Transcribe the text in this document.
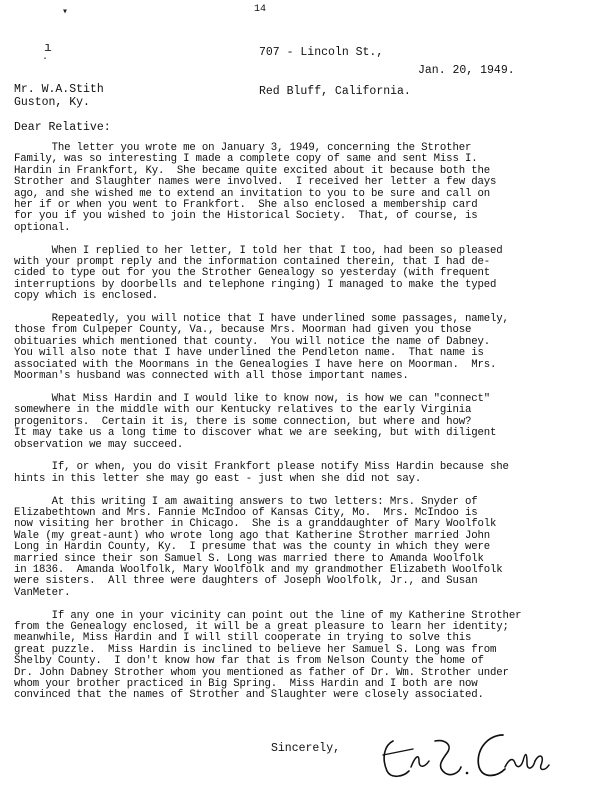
14
▾
ı
·

707 - Lincoln St.,

Red Bluff, California.

Jan. 20, 1949.
Mr. W.A.Stith
Guston, Ky.
Dear Relative:
The letter you wrote me on January 3, 1949, concerning the Strother
Family, was so interesting I made a complete copy of same and sent Miss I.
Hardin in Frankfort, Ky.  She became quite excited about it because both the
Strother and Slaughter names were involved.  I received her letter a few days
ago, and she wished me to extend an invitation to you to be sure and call on
her if or when you went to Frankfort.  She also enclosed a membership card
for you if you wished to join the Historical Society.  That, of course, is
optional.
When I replied to her letter, I told her that I too, had been so pleased
with your prompt reply and the information contained therein, that I had de-
cided to type out for you the Strother Genealogy so yesterday (with frequent
interruptions by doorbells and telephone ringing) I managed to make the typed
copy which is enclosed.
Repeatedly, you will notice that I have underlined some passages, namely,
those from Culpeper County, Va., because Mrs. Moorman had given you those
obituaries which mentioned that county.  You will notice the name of Dabney.
You will also note that I have underlined the Pendleton name.  That name is
associated with the Moormans in the Genealogies I have here on Moorman.  Mrs.
Moorman's husband was connected with all those important names.
What Miss Hardin and I would like to know now, is how we can "connect"
somewhere in the middle with our Kentucky relatives to the early Virginia
progenitors.  Certain it is, there is some connection, but where and how?
It may take us a long time to discover what we are seeking, but with diligent
observation we may succeed.
If, or when, you do visit Frankfort please notify Miss Hardin because she
hints in this letter she may go east - just when she did not say.
At this writing I am awaiting answers to two letters: Mrs. Snyder of
Elizabethtown and Mrs. Fannie McIndoo of Kansas City, Mo.  Mrs. McIndoo is
now visiting her brother in Chicago.  She is a granddaughter of Mary Woolfolk
Wale (my great-aunt) who wrote long ago that Katherine Strother married John
Long in Hardin County, Ky.  I presume that was the county in which they were
married since their son Samuel S. Long was married there to Amanda Woolfolk
in 1836.  Amanda Woolfolk, Mary Woolfolk and my grandmother Elizabeth Woolfolk
were sisters.  All three were daughters of Joseph Woolfolk, Jr., and Susan
VanMeter.
If any one in your vicinity can point out the line of my Katherine Strother
from the Genealogy enclosed, it will be a great pleasure to learn her identity;
meanwhile, Miss Hardin and I will still cooperate in trying to solve this
great puzzle.  Miss Hardin is inclined to believe her Samuel S. Long was from
Shelby County.  I don't know how far that is from Nelson County the home of
Dr. John Dabney Strother whom you mentioned as father of Dr. Wm. Strother under
whom your brother practiced in Big Spring.  Miss Hardin and I both are now
convinced that the names of Strother and Slaughter were closely associated.
Sincerely,
